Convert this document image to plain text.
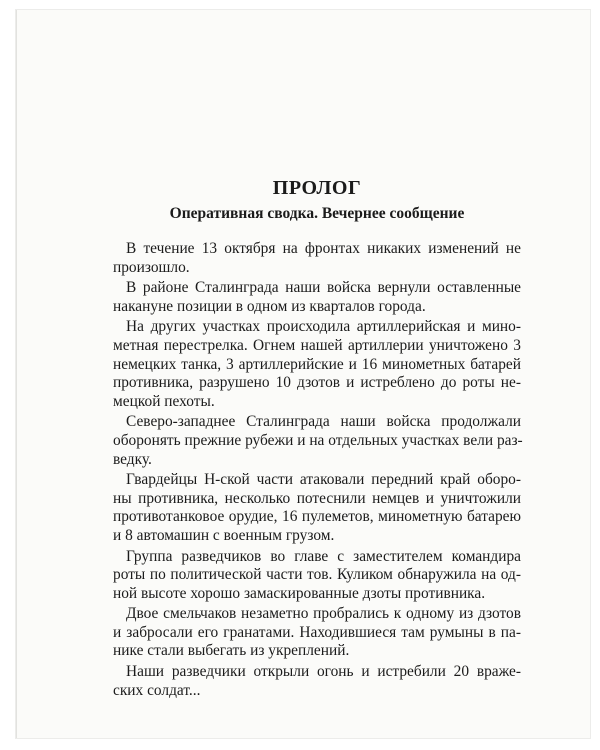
ПРОЛОГ
Оперативная сводка. Вечернее сообщение

В течение 13 октября на фронтах никаких изменений не
произошло.

В районе Сталинграда наши войска вернули оставленные
накануне позиции в одном из кварталов города.

На других участках происходила артиллерийская и мино-
метная перестрелка. Огнем нашей артиллерии уничтожено 3
немецких танка, 3 артиллерийские и 16 минометных батарей
противника, разрушено 10 дзотов и истреблено до роты не-
мецкой пехоты.

Северо-западнее Сталинграда наши войска продолжали
оборонять прежние рубежи и на отдельных участках вели раз-
ведку.

Гвардейцы Н-ской части атаковали передний край оборо-
ны противника, несколько потеснили немцев и уничтожили
противотанковое орудие, 16 пулеметов, минометную батарею
и 8 автомашин с военным грузом.

Группа разведчиков во главе с заместителем командира
роты по политической части тов. Куликом обнаружила на од-
ной высоте хорошо замаскированные дзоты противника.

Двое смельчаков незаметно пробрались к одному из дзотов
и забросали его гранатами. Находившиеся там румыны в па-
нике стали выбегать из укреплений.

Наши разведчики открыли огонь и истребили 20 враже-
ских солдат...
